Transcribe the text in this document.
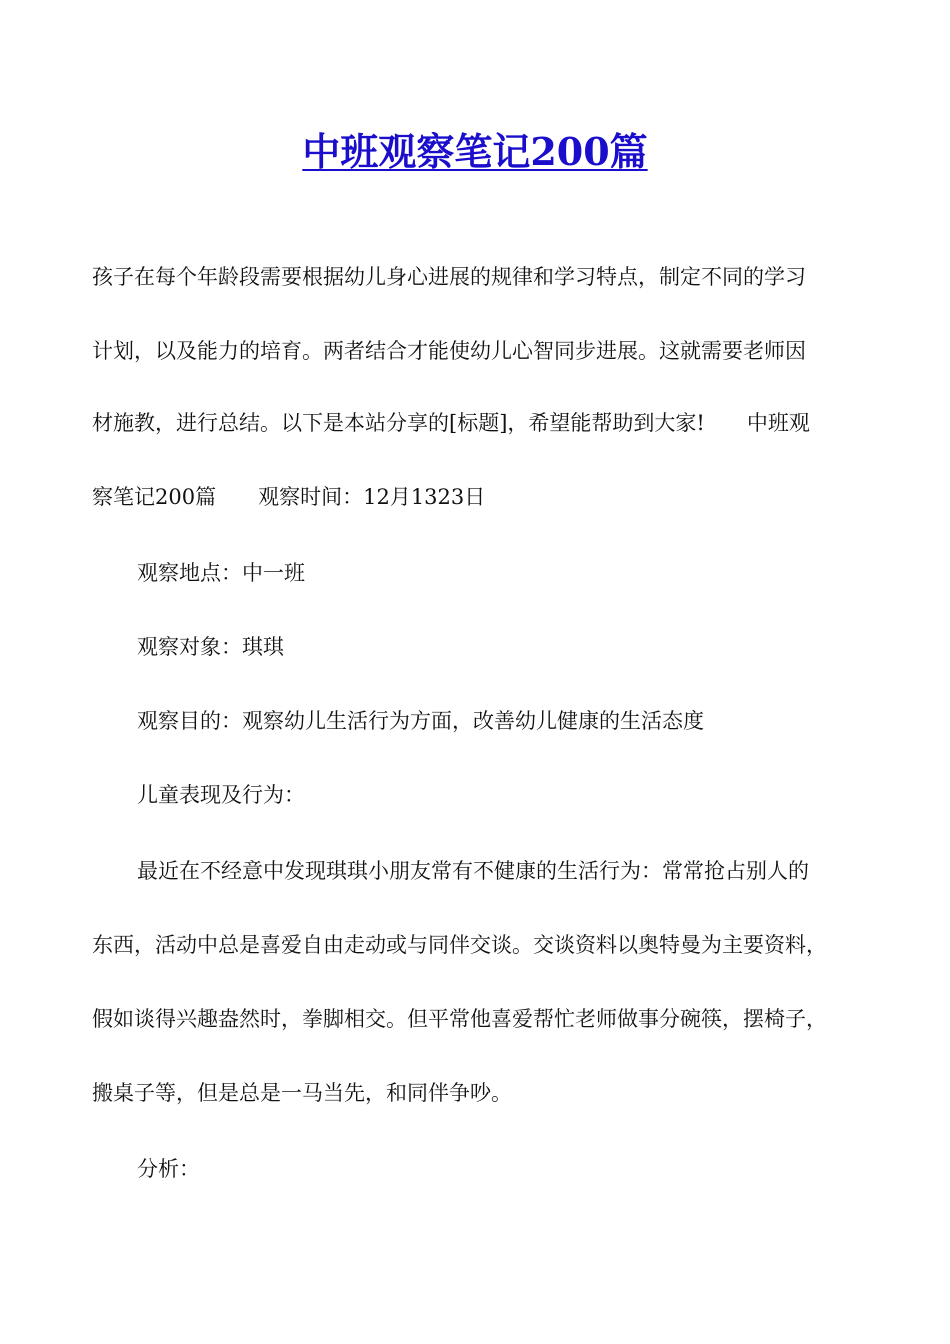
中班观察笔记200篇
孩子在每个年龄段需要根据幼儿身心进展的规律和学习特点，制定不同的学习
计划，以及能力的培育。两者结合才能使幼儿心智同步进展。这就需要老师因
材施教，进行总结。以下是本站分享的[标题]，希望能帮助到大家! 中班观
察笔记200篇 观察时间：12月1323日
观察地点：中一班
观察对象：琪琪
观察目的：观察幼儿生活行为方面，改善幼儿健康的生活态度
儿童表现及行为：
最近在不经意中发现琪琪小朋友常有不健康的生活行为：常常抢占别人的
东西，活动中总是喜爱自由走动或与同伴交谈。交谈资料以奥特曼为主要资料，
假如谈得兴趣盎然时，拳脚相交。但平常他喜爱帮忙老师做事分碗筷，摆椅子，
搬桌子等，但是总是一马当先，和同伴争吵。
分析：
